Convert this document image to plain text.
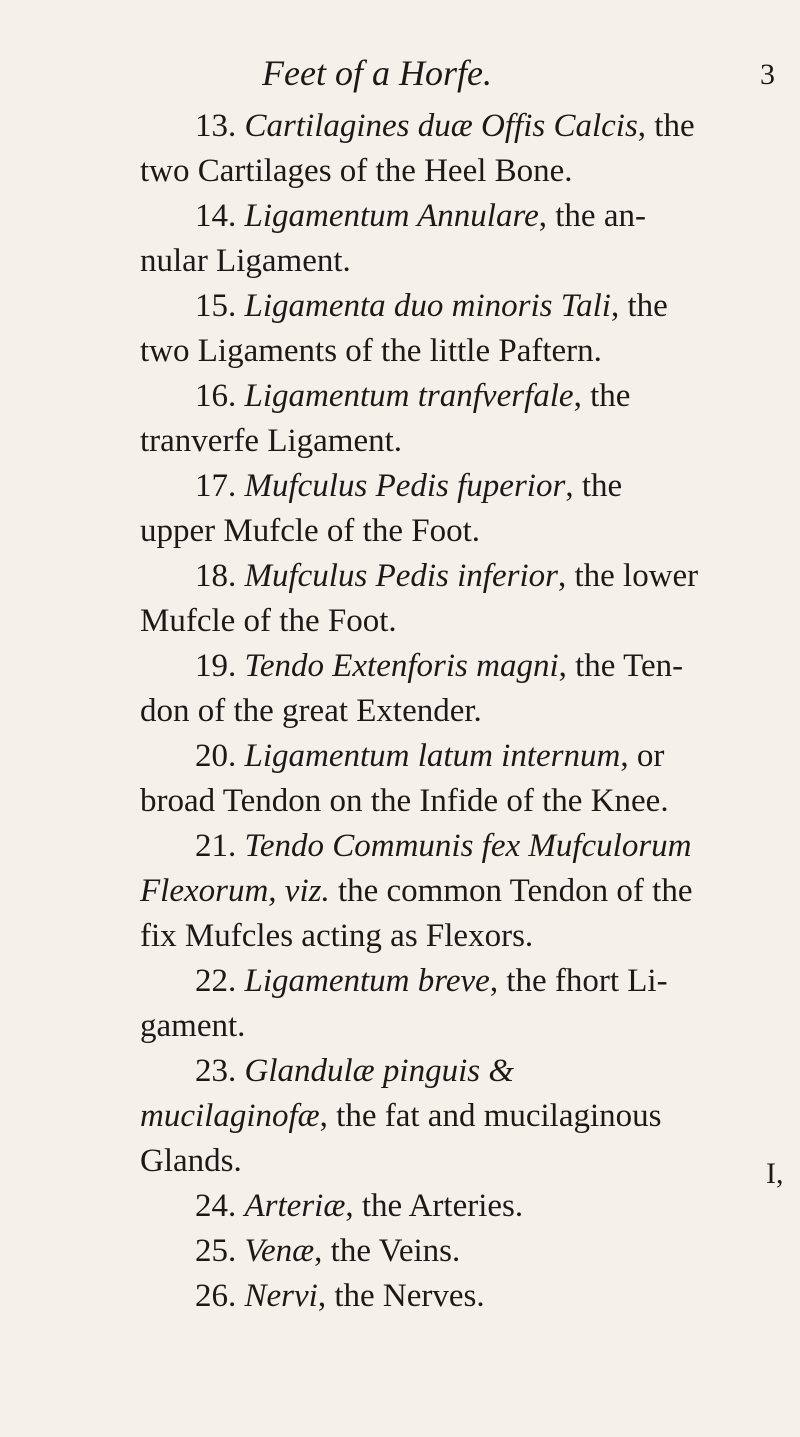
Feet of a Horfe.	3

13. Cartilagines duæ Offis Calcis, the two Cartilages of the Heel Bone.

14. Ligamentum Annulare, the annular Ligament.

15. Ligamenta duo minoris Tali, the two Ligaments of the little Paftern.

16. Ligamentum tranfverfale, the tranverfe Ligament.

17. Mufculus Pedis fuperior, the upper Mufcle of the Foot.

18. Mufculus Pedis inferior, the lower Mufcle of the Foot.

19. Tendo Extenforis magni, the Tendon of the great Extender.

20. Ligamentum latum internum, or broad Tendon on the Infide of the Knee.

21. Tendo Communis fex Mufculorum Flexorum, viz. the common Tendon of the fix Mufcles acting as Flexors.

22. Ligamentum breve, the fhort Ligament.

23. Glandulæ pinguis & mucilaginofæ, the fat and mucilaginous Glands.

24. Arteriæ, the Arteries.

25. Venæ, the Veins.

26. Nervi, the Nerves.

I,
